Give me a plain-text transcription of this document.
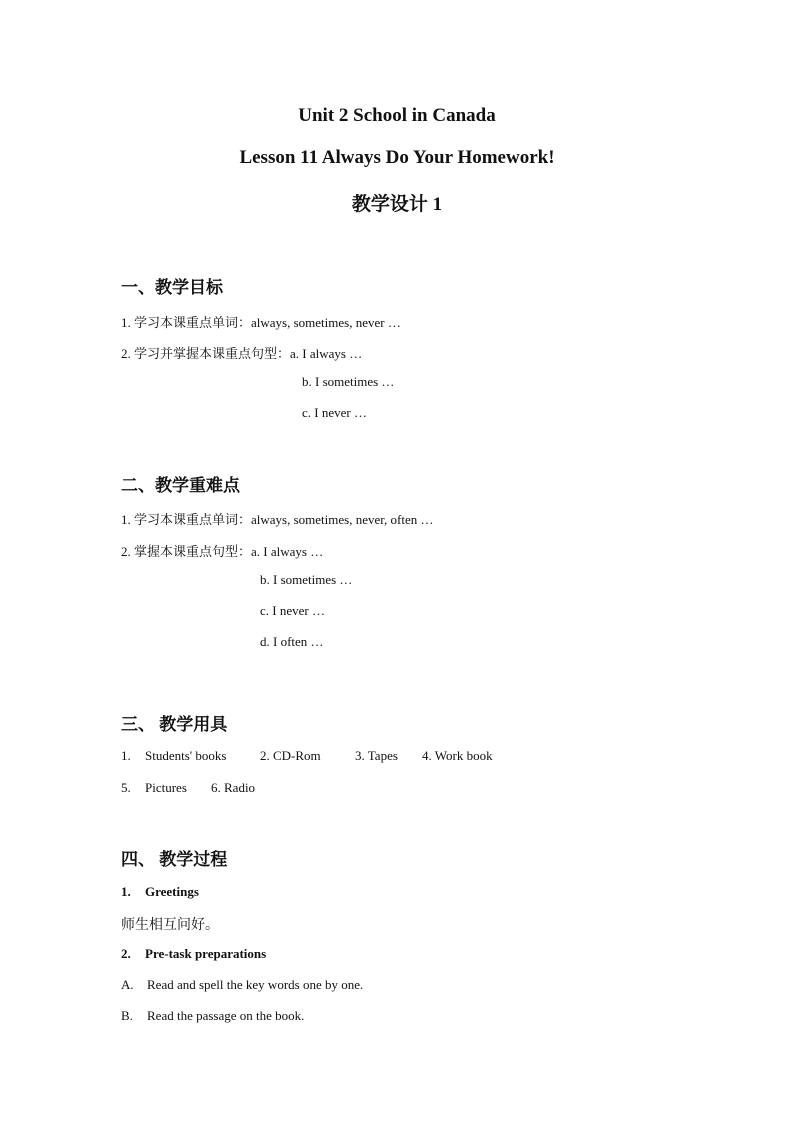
Unit 2 School in Canada
Lesson 11 Always Do Your Homework!
教学设计 1
一、教学目标
1. 学习本课重点单词：always, sometimes, never …
2. 学习并掌握本课重点句型：a. I always …
b. I sometimes …
c. I never …
二、教学重难点
1. 学习本课重点单词：always, sometimes, never, often …
2. 掌握本课重点句型：a. I always …
b. I sometimes …
c. I never …
d. I often …
三、 教学用具
1. Students' books	2. CD-Rom	3. Tapes 4. Work book
5. Pictures 6. Radio
四、 教学过程
1. Greetings
师生相互问好。
2. Pre-task preparations
A. Read and spell the key words one by one.
B. Read the passage on the book.
